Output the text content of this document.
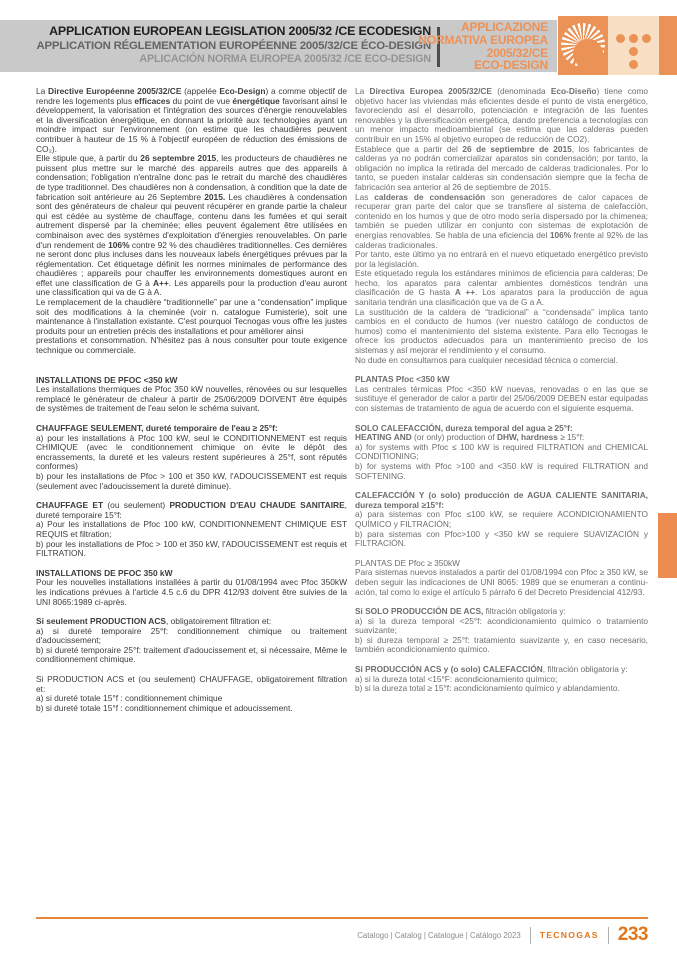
APPLICATION EUROPEAN LEGISLATION 2005/32 /CE ECODESIGN
APPLICATION RÉGLEMENTATION EUROPÉENNE 2005/32/CE ÉCO-DESIGN
APLICACIÓN NORMA EUROPEA 2005/32 /CE ECO-DESIGN
APPLICAZIONE
NORMATIVA EUROPEA
2005/32/CE
ECO-DESIGN

La Directive Européenne 2005/32/CE (appelée Eco-Design) a comme objectif de rendre les logements plus efficaces du point de vue énergétique favorisant ainsi le développement, la valorisation et l'intégration des sources d'énergie renouvelables et la diversification énergétique, en donnant la priorité aux technologies ayant un moindre impact sur l'environnement (on estime que les chaudières peuvent contribuer à hauteur de 15 % à l'objectif européen de réduction des émissions de CO₂).

Elle stipule que, à partir du 26 septembre 2015, les producteurs de chaudières ne puissent plus mettre sur le marché des appareils autres que des appareils à condensation; l'obligation n'entraîne donc pas le retrait du marché des chaudières de type traditionnel. Des chaudières non à condensation, à condition que la date de fabrication soit antérieure au 26 Septembre 2015. Les chaudières à condensation sont des générateurs de chaleur qui peuvent récupérer en grande partie la chaleur qui est cédée au système de chauffage, contenu dans les fumées et qui serait autrement dispersé par la cheminée; elles peuvent également être utilisées en combinaison avec des systèmes d'exploitation d'énergies renouvelables. On parle d'un rendement de 106% contre 92 % des chaudières traditionnelles. Ces dernières ne seront donc plus incluses dans les nouveaux labels énergétiques prévues par la réglementation. Cet étiquetage définit les normes minimales de performance des chaudières ; appareils pour chauffer les environnements domestiques auront en effet une classification de G à A++. Les appareils pour la production d'eau auront une classification qui va de G à A.

Le remplacement de la chaudière “traditionnelle” par une a “condensation” implique soit des modifications à la cheminée (voir n. catalogue Fumisterie), soit une maintenance à l'installation existante. C'est pourquoi Tecnogas vous offre les justes produits pour un entretien précis des installations et pour améliorer ainsi

prestations et consommation. N'hésitez pas à nous consulter pour toute exigence technique ou commerciale.

INSTALLATIONS DE PFOC <350 kW

Les installations thermiques de Pfoc 350 kW nouvelles, rénovées ou sur lesquelles remplacé le générateur de chaleur à partir de 25/06/2009 DOIVENT être équipés de systèmes de traitement de l'eau selon le schéma suivant.

CHAUFFAGE SEULEMENT, dureté temporaire de l'eau ≥ 25°f:

a) pour les installations à Pfoc 100 kW, seul le CONDITIONNEMENT est requis CHIMIQUE (avec le conditionnement chimique on évite le dépôt des encrassements, la dureté et les valeurs restent supérieures à 25°f, sont réputés conformes)

b) pour les installations de Pfoc > 100 et 350 kW, l'ADOUCISSEMENT est requis (seulement avec l'adoucissement la dureté diminue).

CHAUFFAGE ET (ou seulement) PRODUCTION D'EAU CHAUDE SANITAIRE, dureté temporaire 15°f:

a) Pour les installations de Pfoc 100 kW, CONDITIONNEMENT CHIMIQUE EST REQUIS et filtration;

b) pour les installations de Pfoc > 100 et 350 kW, l'ADOUCISSEMENT est requis et FILTRATION.

INSTALLATIONS DE PFOC 350 kW

Pour les nouvelles installations installées à partir du 01/08/1994 avec Pfoc 350kW les indications prévues à l'article 4.5 c.6 du DPR 412/93 doivent être suivies de la UNI 8065:1989 ci-après.

Si seulement PRODUCTION ACS, obligatoirement filtration et:

a) si dureté temporaire 25°f: conditionnement chimique ou traitement d'adoucissement;

b) si dureté temporaire 25°f: traitement d'adoucissement et, si nécessaire, Même le conditionnement chimique.

Si PRODUCTION ACS et (ou seulement) CHAUFFAGE, obligatoirement filtration et:

a) si dureté totale 15°f : conditionnement chimique

b) si dureté totale 15°f : conditionnement chimique et adoucissement.

La Directiva Europea 2005/32/CE (denominada Eco-Diseño) tiene como objetivo hacer las viviendas más eficientes desde el punto de vista energético, favoreciendo así el desarrollo, potenciación e integración de las fuentes renovables y la diversificación energética, dando preferencia a tecnologías con un menor impacto medioambiental (se estima que las calderas pueden contribuir en un 15% al objetivo europeo de reducción de CO2).

Establece que a partir del 26 de septiembre de 2015, los fabricantes de calderas ya no podrán comercializar aparatos sin condensación; por tanto, la obligación no implica la retirada del mercado de calderas tradicionales. Por lo tanto, se pueden instalar calderas sin condensación siempre que la fecha de fabricación sea anterior al 26 de septiembre de 2015.

Las calderas de condensación son generadores de calor capaces de recuperar gran parte del calor que se transfiere al sistema de calefacción, contenido en los humos y que de otro modo sería dispersado por la chimenea; también se pueden utilizar en conjunto con sistemas de explotación de energías renovables. Se habla de una eficiencia del 106% frente al 92% de las calderas tradicionales.

Por tanto, este último ya no entrará en el nuevo etiquetado energético previsto por la legislación.

Este etiquetado regula los estándares mínimos de eficiencia para calderas; De hecho, los aparatos para calentar ambientes domésticos tendrán una clasificación de G hasta A ++. Los aparatos para la producción de agua sanitaria tendrán una clasificación que va de G a A.

La sustitución de la caldera de “tradicional” a “condensada” implica tanto cambios en el conducto de humos (ver nuestro catálogo de conductos de humos) como el mantenimiento del sistema existente. Para ello Tecnogas le ofrece los productos adecuados para un mantenimiento preciso de los sistemas y así mejorar el rendimiento y el consumo.

No dude en consultarnos para cualquier necesidad técnica o comercial.

PLANTAS Pfoc <350 kW

Las centrales térmicas Pfoc <350 kW nuevas, renovadas o en las que se sustituye el generador de calor a partir del 25/06/2009 DEBEN estar equipadas con sistemas de tratamiento de agua de acuerdo con el siguiente esquema.

SOLO CALEFACCIÓN, dureza temporal del agua ≥ 25°f:

HEATING AND (or only) production of DHW, hardness ≥ 15°f:

a) for systems with Pfoc ≤ 100 kW is required FILTRATION and CHEMICAL CONDITIONING;

b) for systems with Pfoc >100 and <350 kW is required FILTRATION and SOFTENING.

CALEFACCIÓN Y (o solo) producción de AGUA CALIENTE SANITARIA, dureza temporal ≥15°f:

a) para sistemas con Pfoc ≤100 kW, se requiere ACONDICIONAMIENTO QUÍMICO y FILTRACIÓN;

b) para sistemas con Pfoc>100 y <350 kW se requiere SUAVIZACIÓN y FILTRACIÓN.

PLANTAS DE Pfoc ≥ 350kW

Para sistemas nuevos instalados a partir del 01/08/1994 con Pfoc ≥ 350 kW, se deben seguir las indicaciones de UNI 8065: 1989 que se enumeran a continu-ación, tal como lo exige el artículo 5 párrafo 6 del Decreto Presidencial 412/93.

Si SOLO PRODUCCIÓN DE ACS, filtración obligatoria y:

a) si la dureza temporal <25°f: acondicionamiento químico o tratamiento suavizante;

b) si dureza temporal ≥ 25°f: tratamiento suavizante y, en caso necesario, también acondicionamiento químico.

Si PRODUCCIÓN ACS y (o solo) CALEFACCIÓN, filtración obligatoria y:

a) si la dureza total <15°F: acondicionamiento químico;

b) si la dureza total ≥ 15°f: acondicionamiento químico y ablandamiento.

Catalogo | Catalog | Catalogue | Catálogo 2023 TECNOGAS 233
